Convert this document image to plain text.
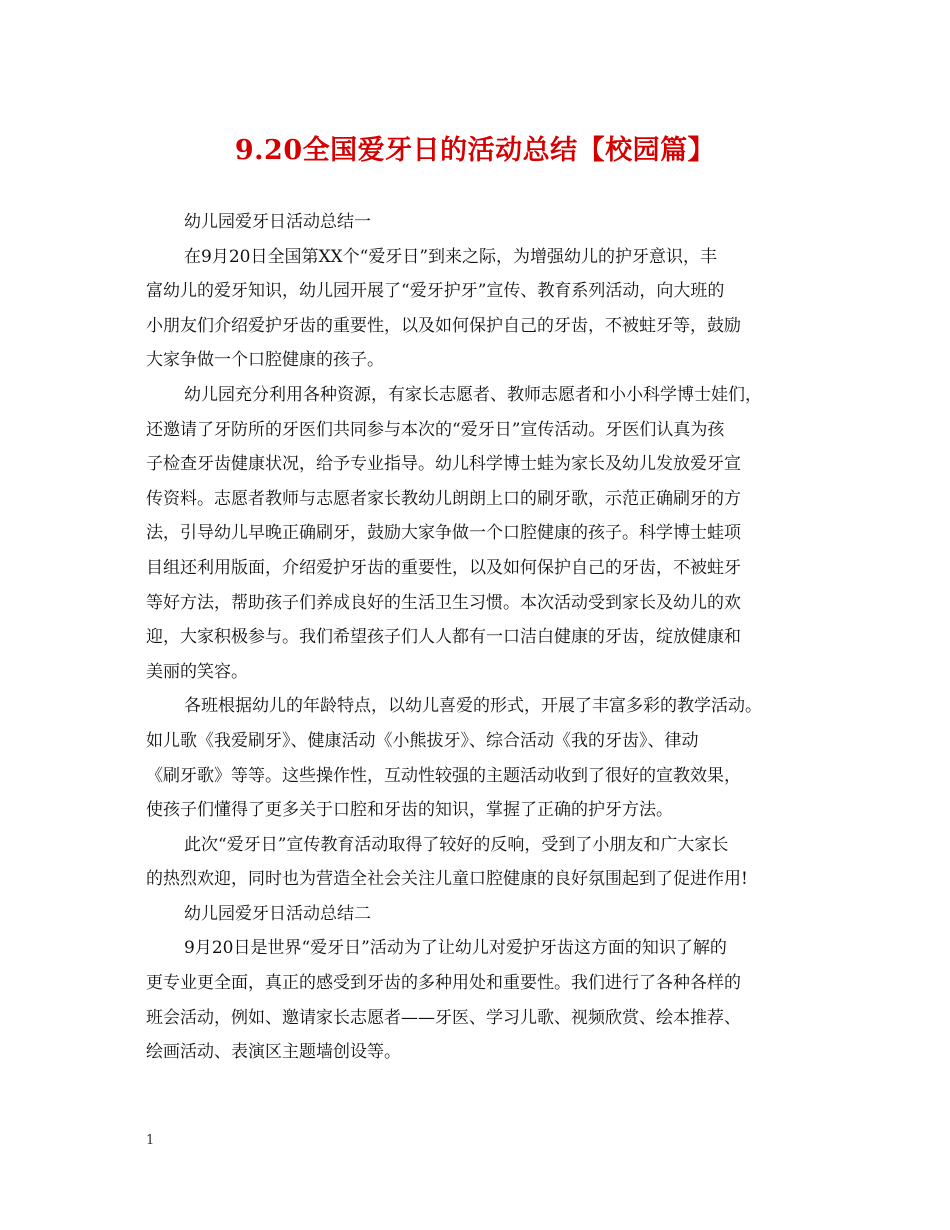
9.20全国爱牙日的活动总结【校园篇】
幼儿园爱牙日活动总结一
在9月20日全国第XX个“爱牙日”到来之际，为增强幼儿的护牙意识，丰
富幼儿的爱牙知识，幼儿园开展了“爱牙护牙”宣传、教育系列活动，向大班的
小朋友们介绍爱护牙齿的重要性，以及如何保护自己的牙齿，不被蛀牙等，鼓励
大家争做一个口腔健康的孩子。
幼儿园充分利用各种资源，有家长志愿者、教师志愿者和小小科学博士娃们，
还邀请了牙防所的牙医们共同参与本次的“爱牙日”宣传活动。牙医们认真为孩
子检查牙齿健康状况，给予专业指导。幼儿科学博士蛙为家长及幼儿发放爱牙宣
传资料。志愿者教师与志愿者家长教幼儿朗朗上口的刷牙歌，示范正确刷牙的方
法，引导幼儿早晚正确刷牙，鼓励大家争做一个口腔健康的孩子。科学博士蛙项
目组还利用版面，介绍爱护牙齿的重要性，以及如何保护自己的牙齿，不被蛀牙
等好方法，帮助孩子们养成良好的生活卫生习惯。本次活动受到家长及幼儿的欢
迎，大家积极参与。我们希望孩子们人人都有一口洁白健康的牙齿，绽放健康和
美丽的笑容。
各班根据幼儿的年龄特点，以幼儿喜爱的形式，开展了丰富多彩的教学活动。
如儿歌《我爱刷牙》、健康活动《小熊拔牙》、综合活动《我的牙齿》、律动
《刷牙歌》等等。这些操作性，互动性较强的主题活动收到了很好的宣教效果，
使孩子们懂得了更多关于口腔和牙齿的知识，掌握了正确的护牙方法。
此次“爱牙日”宣传教育活动取得了较好的反响，受到了小朋友和广大家长
的热烈欢迎，同时也为营造全社会关注儿童口腔健康的良好氛围起到了促进作用!
幼儿园爱牙日活动总结二
9月20日是世界“爱牙日”活动为了让幼儿对爱护牙齿这方面的知识了解的
更专业更全面，真正的感受到牙齿的多种用处和重要性。我们进行了各种各样的
班会活动，例如、邀请家长志愿者——牙医、学习儿歌、视频欣赏、绘本推荐、
绘画活动、表演区主题墙创设等。
1
